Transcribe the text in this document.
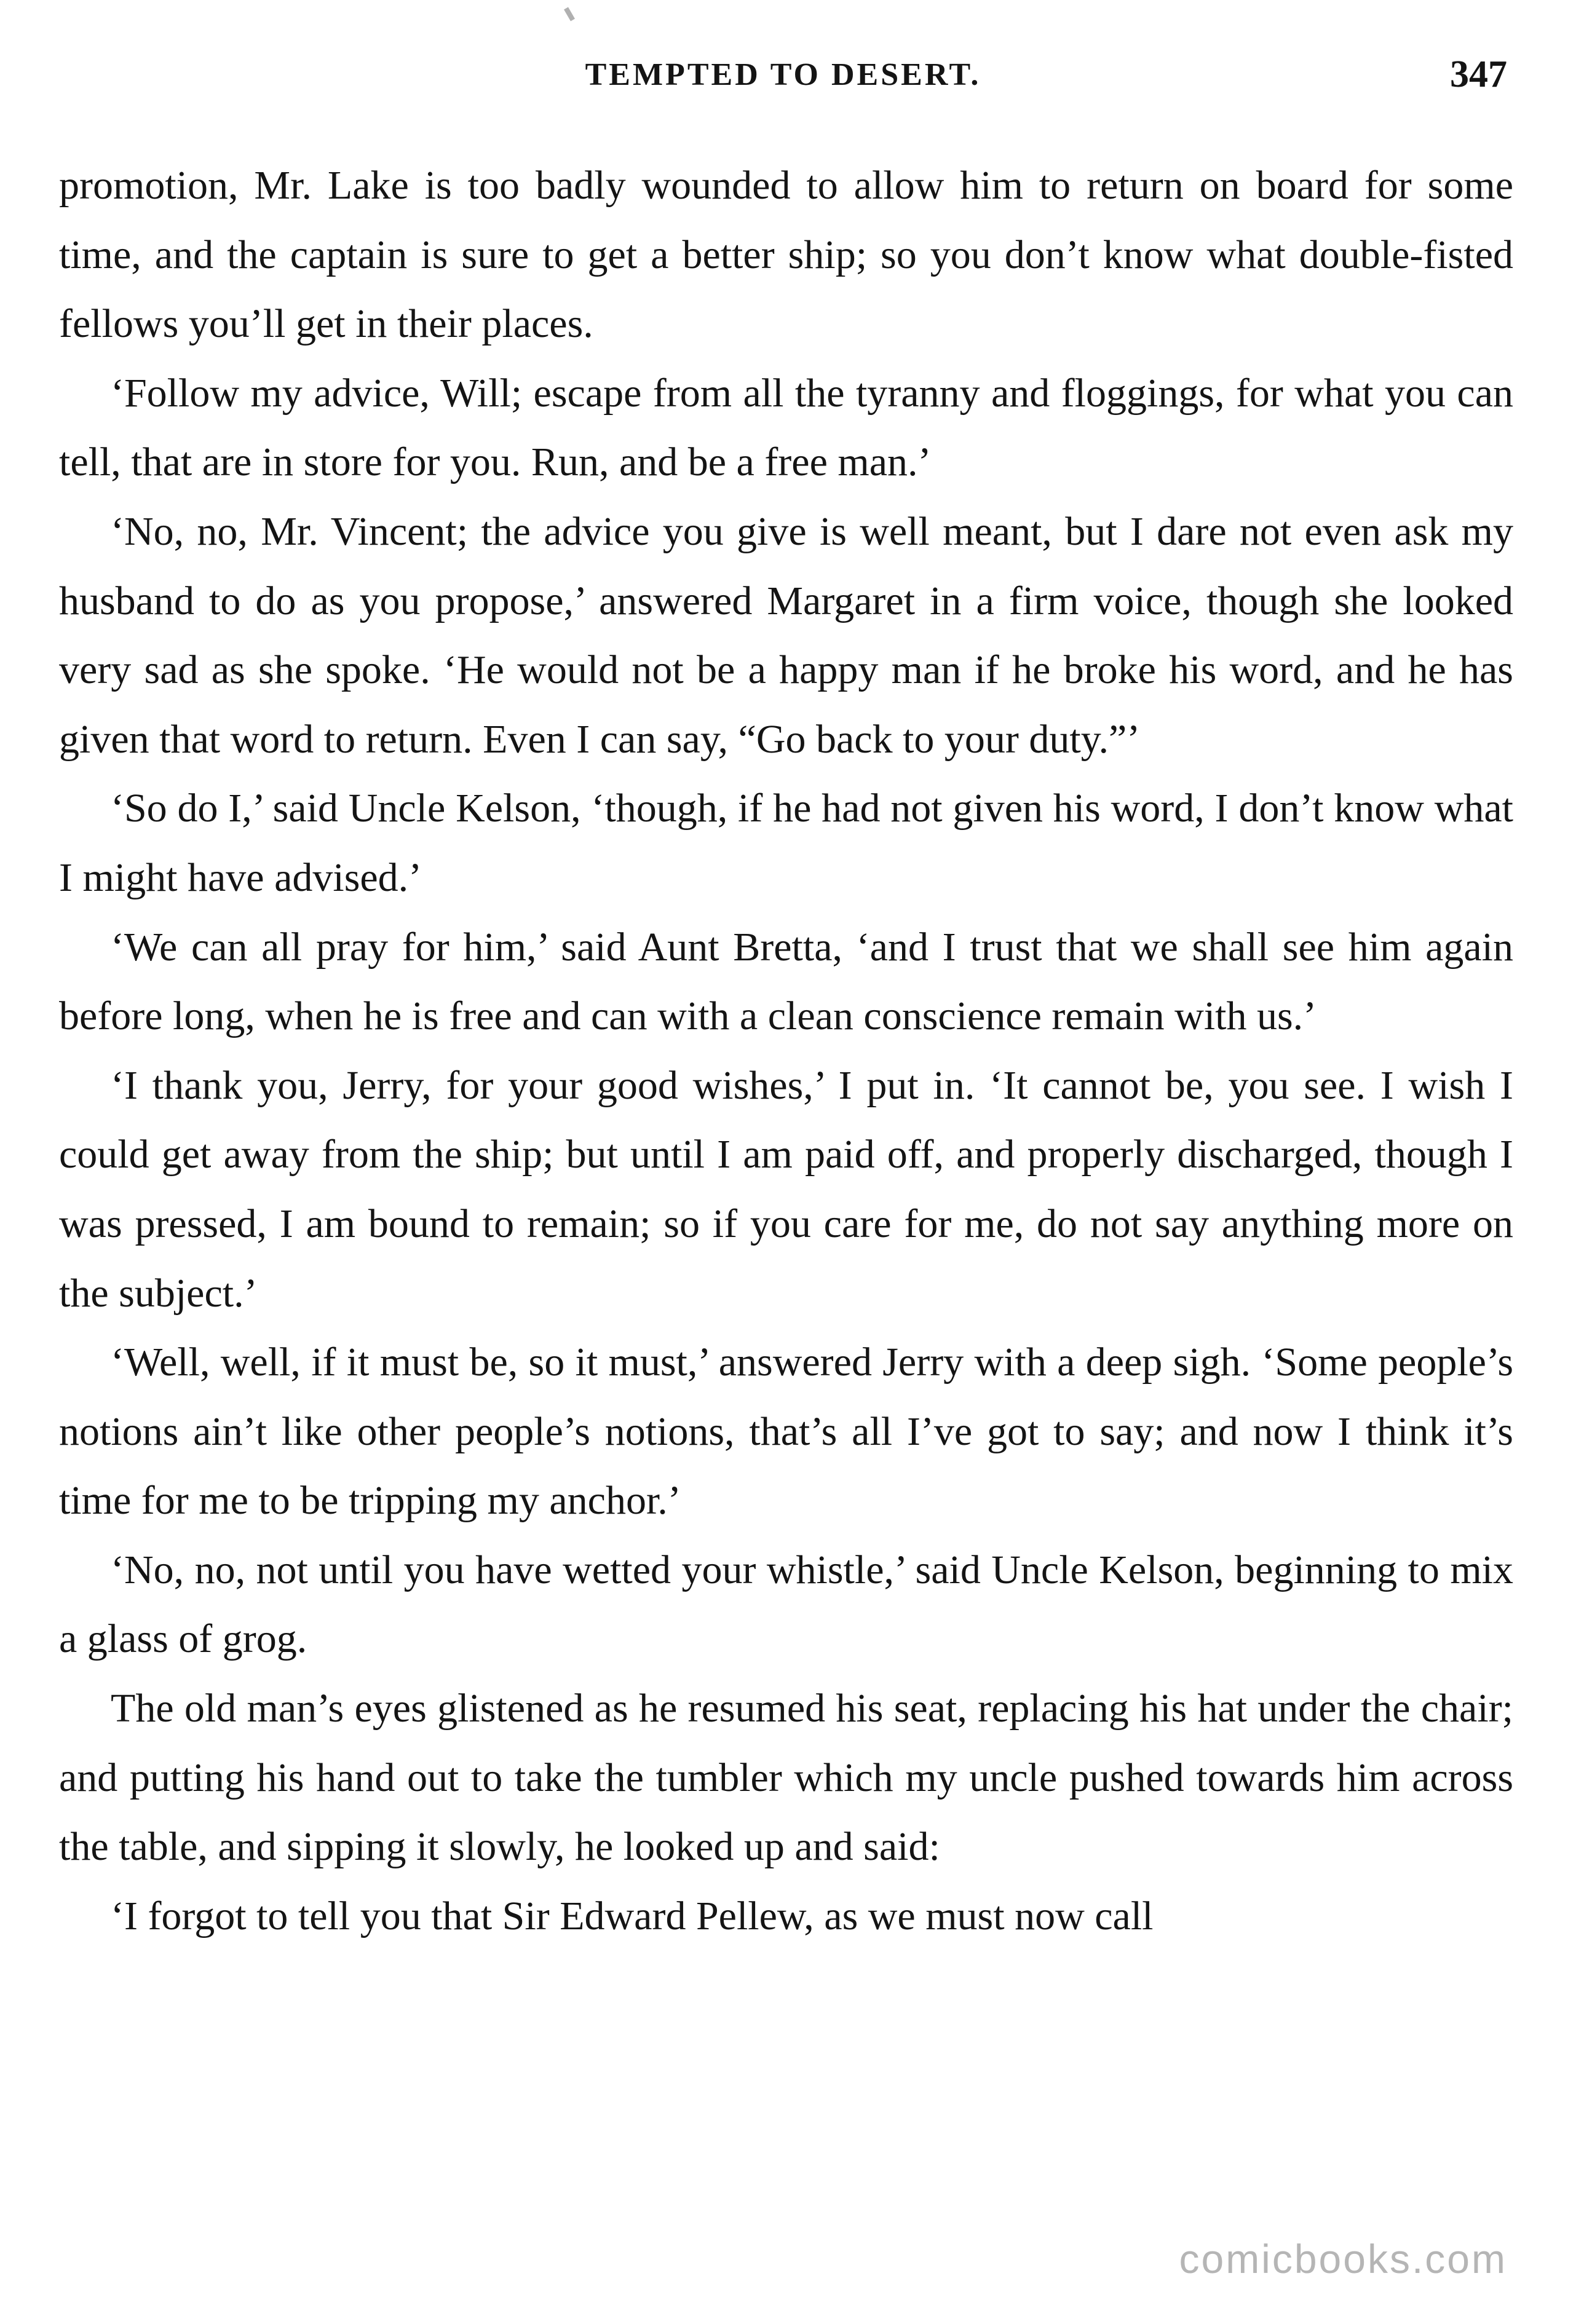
TEMPTED TO DESERT.	347

promotion, Mr. Lake is too badly wounded to allow him to return on board for some time, and the captain is sure to get a better ship; so you don’t know what double-fisted fellows you’ll get in their places.

‘Follow my advice, Will; escape from all the tyranny and floggings, for what you can tell, that are in store for you. Run, and be a free man.’

‘No, no, Mr. Vincent; the advice you give is well meant, but I dare not even ask my husband to do as you propose,’ answered Margaret in a firm voice, though she looked very sad as she spoke. ‘He would not be a happy man if he broke his word, and he has given that word to return. Even I can say, “Go back to your duty.”’

‘So do I,’ said Uncle Kelson, ‘though, if he had not given his word, I don’t know what I might have advised.’

‘We can all pray for him,’ said Aunt Bretta, ‘and I trust that we shall see him again before long, when he is free and can with a clean conscience remain with us.’

‘I thank you, Jerry, for your good wishes,’ I put in. ‘It cannot be, you see. I wish I could get away from the ship; but until I am paid off, and properly discharged, though I was pressed, I am bound to remain; so if you care for me, do not say anything more on the subject.’

‘Well, well, if it must be, so it must,’ answered Jerry with a deep sigh. ‘Some people’s notions ain’t like other people’s notions, that’s all I’ve got to say; and now I think it’s time for me to be tripping my anchor.’

‘No, no, not until you have wetted your whistle,’ said Uncle Kelson, beginning to mix a glass of grog.

The old man’s eyes glistened as he resumed his seat, replacing his hat under the chair; and putting his hand out to take the tumbler which my uncle pushed towards him across the table, and sipping it slowly, he looked up and said:

‘I forgot to tell you that Sir Edward Pellew, as we must now call

comicbooks.com
